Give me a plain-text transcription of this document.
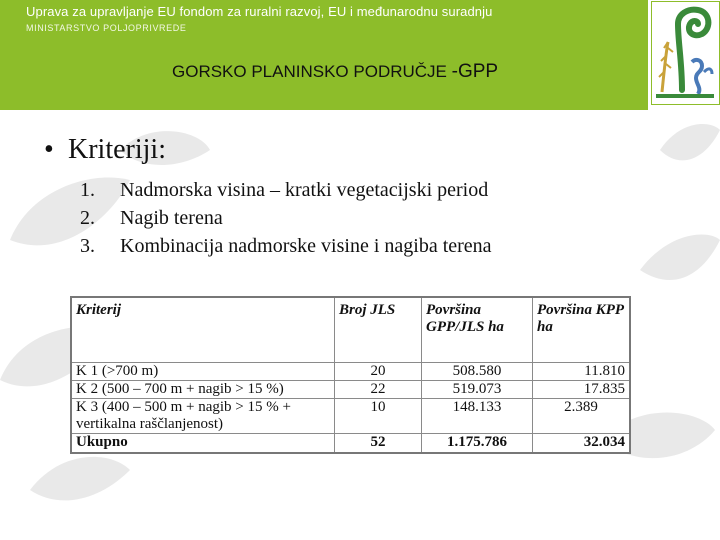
Uprava za upravljanje EU fondom za ruralni razvoj, EU i međunarodnu suradnju
MINISTARSTVO POLJOPRIVREDE
GORSKO PLANINSKO PODRUČJE -GPP
• Kriteriji:
1. Nadmorska visina – kratki vegetacijski period
2. Nagib terena
3. Kombinacija nadmorske visine i nagiba terena
Kriterij	Broj JLS	Površina GPP/JLS ha	Površina KPP ha
K 1 (>700 m)	20	508.580	11.810
K 2 (500 – 700 m + nagib > 15 %)	22	519.073	17.835
K 3 (400 – 500 m + nagib > 15 % + vertikalna raščlanjenost)	10	148.133	2.389
Ukupno	52	1.175.786	32.034
